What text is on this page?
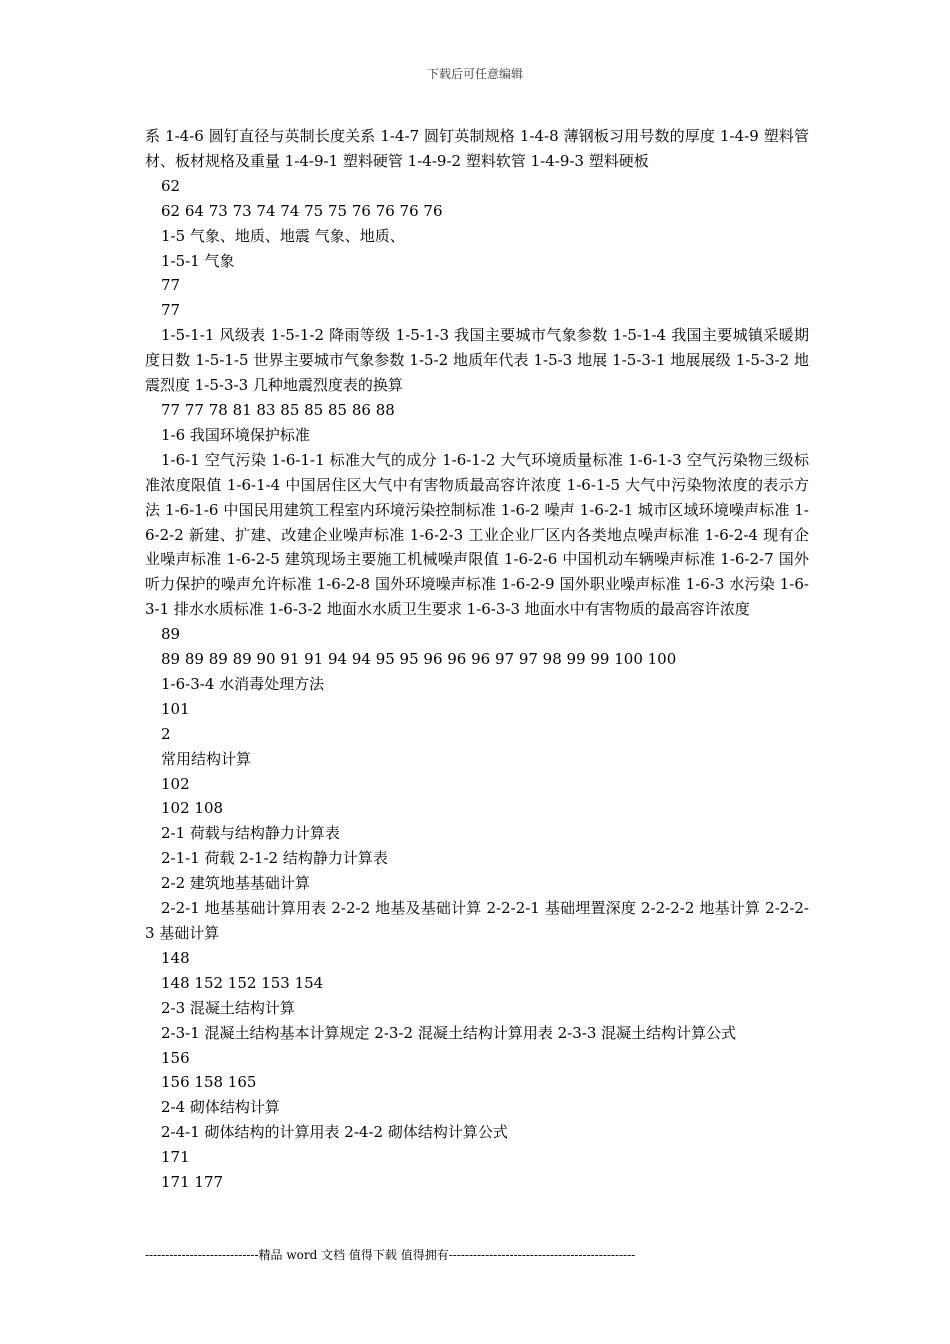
下载后可任意编辑

系 1-4-6 圆钉直径与英制长度关系 1-4-7 圆钉英制规格 1-4-8 薄钢板习用号数的厚度 1-4-9 塑料管材、板材规格及重量 1-4-9-1 塑料硬管 1-4-9-2 塑料软管 1-4-9-3 塑料硬板

62

62 64 73 73 74 74 75 75 76 76 76 76

1-5 气象、地质、地震 气象、地质、

1-5-1 气象

77

77

1-5-1-1 风级表 1-5-1-2 降雨等级 1-5-1-3 我国主要城市气象参数 1-5-1-4 我国主要城镇采暖期度日数 1-5-1-5 世界主要城市气象参数 1-5-2 地质年代表 1-5-3 地展 1-5-3-1 地展展级 1-5-3-2 地震烈度 1-5-3-3 几种地震烈度表的换算

77 77 78 81 83 85 85 85 86 88

1-6 我国环境保护标准

1-6-1 空气污染 1-6-1-1 标准大气的成分 1-6-1-2 大气环境质量标准 1-6-1-3 空气污染物三级标准浓度限值 1-6-1-4 中国居住区大气中有害物质最高容许浓度 1-6-1-5 大气中污染物浓度的表示方法 1-6-1-6 中国民用建筑工程室内环境污染控制标准 1-6-2 噪声 1-6-2-1 城市区域环境噪声标准 1-6-2-2 新建、扩建、改建企业噪声标准 1-6-2-3 工业企业厂区内各类地点噪声标准 1-6-2-4 现有企业噪声标准 1-6-2-5 建筑现场主要施工机械噪声限值 1-6-2-6 中国机动车辆噪声标准 1-6-2-7 国外听力保护的噪声允许标准 1-6-2-8 国外环境噪声标准 1-6-2-9 国外职业噪声标准 1-6-3 水污染 1-6-3-1 排水水质标准 1-6-3-2 地面水水质卫生要求 1-6-3-3 地面水中有害物质的最高容许浓度

89

89 89 89 89 90 91 91 94 94 95 95 96 96 96 97 97 98 99 99 100 100

1-6-3-4 水消毒处理方法

101

2

常用结构计算

102

102 108

2-1 荷载与结构静力计算表

2-1-1 荷载 2-1-2 结构静力计算表

2-2 建筑地基基础计算

2-2-1 地基基础计算用表 2-2-2 地基及基础计算 2-2-2-1 基础埋置深度 2-2-2-2 地基计算 2-2-2-3 基础计算

148

148 152 152 153 154

2-3 混凝土结构计算

2-3-1 混凝土结构基本计算规定 2-3-2 混凝土结构计算用表 2-3-3 混凝土结构计算公式

156

156 158 165

2-4 砌体结构计算

2-4-1 砌体结构的计算用表 2-4-2 砌体结构计算公式

171

171 177

----------------------------精品 word 文档 值得下载 值得拥有----------------------------------------------
